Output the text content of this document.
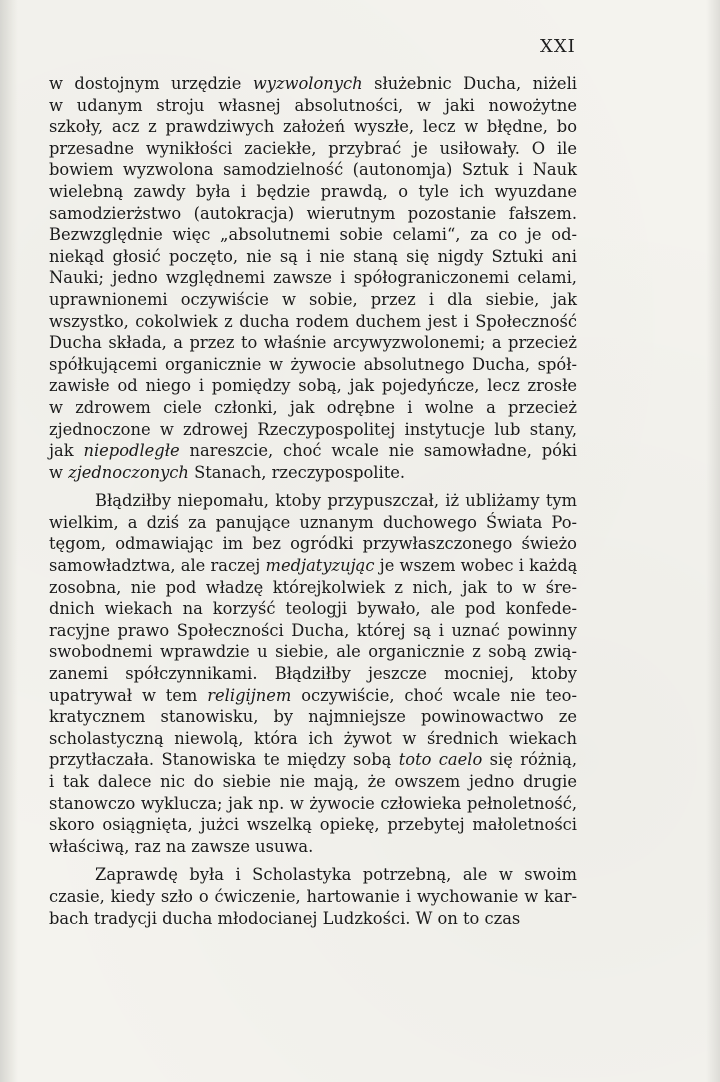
XXI
w dostojnym urzędzie wyzwolonych służebnic Ducha, niżeli
w udanym stroju własnej absolutności, w jaki nowożytne
szkoły, acz z prawdziwych założeń wyszłe, lecz w błędne, bo
przesadne wynikłości zaciekłe, przybrać je usiłowały. O ile
bowiem wyzwolona samodzielność (autonomja) Sztuk i Nauk
wielebną zawdy była i będzie prawdą, o tyle ich wyuzdane
samodzierżstwo (autokracja) wierutnym pozostanie fałszem.
Bezwzględnie więc „absolutnemi sobie celami“, za co je od-
niekąd głosić poczęto, nie są i nie staną się nigdy Sztuki ani
Nauki; jedno względnemi zawsze i spółograniczonemi celami,
uprawnionemi oczywiście w sobie, przez i dla siebie, jak
wszystko, cokolwiek z ducha rodem duchem jest i Społeczność
Ducha składa, a przez to właśnie arcywyzwolonemi; a przecież
spółkującemi organicznie w żywocie absolutnego Ducha, spół-
zawisłe od niego i pomiędzy sobą, jak pojedyńcze, lecz zrosłe
w zdrowem ciele członki, jak odrębne i wolne a przecież
zjednoczone w zdrowej Rzeczypospolitej instytucje lub stany,
jak niepodległe nareszcie, choć wcale nie samowładne, póki
w zjednoczonych Stanach, rzeczypospolite.
Błądziłby niepomału, ktoby przypuszczał, iż ubliżamy tym
wielkim, a dziś za panujące uznanym duchowego Świata Po-
tęgom, odmawiając im bez ogródki przywłaszczonego świeżo
samowładztwa, ale raczej medjatyzując je wszem wobec i każdą
zosobna, nie pod władzę którejkolwiek z nich, jak to w śre-
dnich wiekach na korzyść teologji bywało, ale pod konfede-
racyjne prawo Społeczności Ducha, której są i uznać powinny
swobodnemi wprawdzie u siebie, ale organicznie z sobą zwią-
zanemi spółczynnikami. Błądziłby jeszcze mocniej, ktoby
upatrywał w tem religijnem oczywiście, choć wcale nie teo-
kratycznem stanowisku, by najmniejsze powinowactwo ze
scholastyczną niewolą, która ich żywot w średnich wiekach
przytłaczała. Stanowiska te między sobą toto caelo się różnią,
i tak dalece nic do siebie nie mają, że owszem jedno drugie
stanowczo wyklucza; jak np. w żywocie człowieka pełnoletność,
skoro osiągnięta, jużci wszelką opiekę, przebytej małoletności
właściwą, raz na zawsze usuwa.
Zaprawdę była i Scholastyka potrzebną, ale w swoim
czasie, kiedy szło o ćwiczenie, hartowanie i wychowanie w kar-
bach tradycji ducha młodocianej Ludzkości. W on to czas
